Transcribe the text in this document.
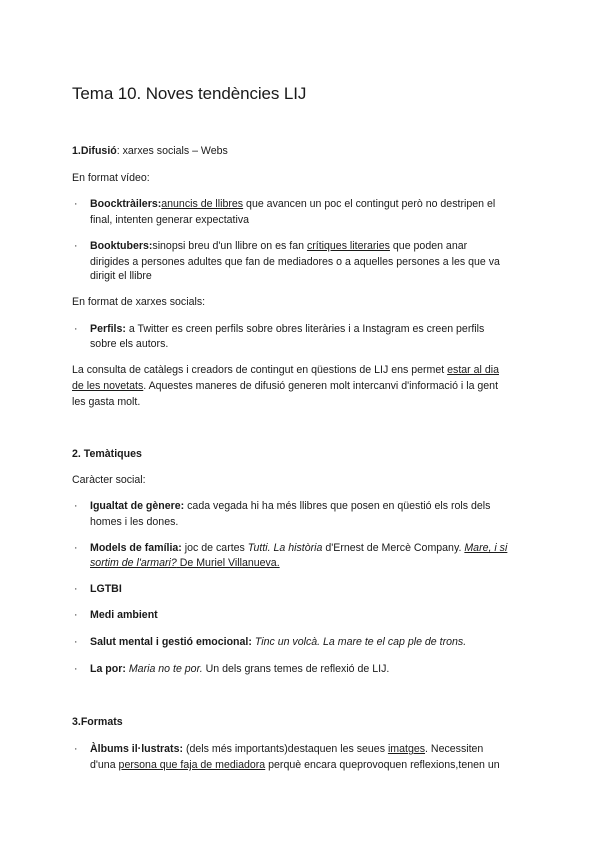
Tema 10. Noves tendències LIJ
1.Difusió: xarxes socials – Webs
En format vídeo:
· Boocktràilers:anuncis de llibres que avancen un poc el contingut però no destripen el
final, intenten generar expectativa
· Booktubers:sinopsi breu d'un llibre on es fan crítiques literaries que poden anar
dirigides a persones adultes que fan de mediadores o a aquelles persones a les que va
dirigit el llibre
En format de xarxes socials:
· Perfils: a Twitter es creen perfils sobre obres literàries i a Instagram es creen perfils
sobre els autors.
La consulta de catàlegs i creadors de contingut en qüestions de LIJ ens permet estar al dia
de les novetats. Aquestes maneres de difusió generen molt intercanvi d'informació i la gent
les gasta molt.
2. Temàtiques
Caràcter social:
· Igualtat de gènere: cada vegada hi ha més llibres que posen en qüestió els rols dels
homes i les dones.
· Models de família: joc de cartes Tutti. La història d'Ernest de Mercè Company. Mare, i si
sortim de l'armari? De Muriel Villanueva.
· LGTBI
· Medi ambient
· Salut mental i gestió emocional: Tinc un volcà. La mare te el cap ple de trons.
· La por: Maria no te por. Un dels grans temes de reflexió de LIJ.
3.Formats
· Àlbums il·lustrats: (dels més importants)destaquen les seues imatges. Necessiten
d'una persona que faja de mediadora perquè encara queprovoquen reflexions,tenen un
